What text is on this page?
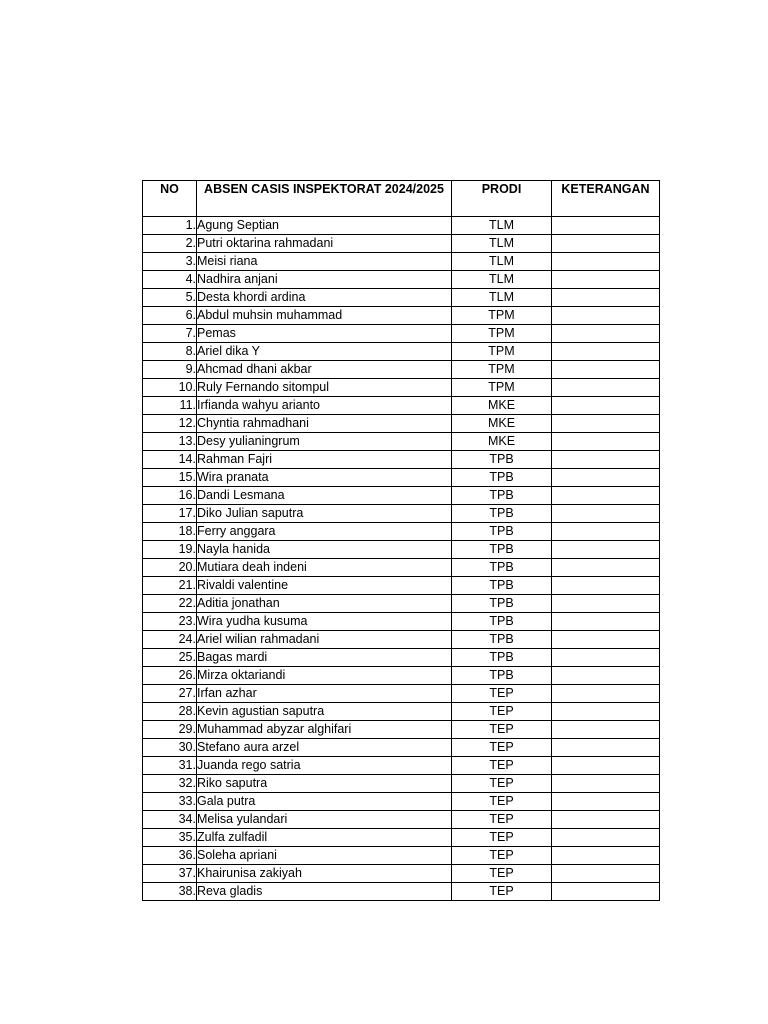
NO	ABSEN CASIS INSPEKTORAT 2024/2025	PRODI	KETERANGAN
1.	Agung Septian	TLM	
2.	Putri oktarina rahmadani	TLM	
3.	Meisi riana	TLM	
4.	Nadhira anjani	TLM	
5.	Desta khordi ardina	TLM	
6.	Abdul muhsin muhammad	TPM	
7.	Pemas	TPM	
8.	Ariel dika Y	TPM	
9.	Ahcmad dhani akbar	TPM	
10.	Ruly Fernando sitompul	TPM	
11.	Irfianda wahyu arianto	MKE	
12.	Chyntia rahmadhani	MKE	
13.	Desy yulianingrum	MKE	
14.	Rahman Fajri	TPB	
15.	Wira pranata	TPB	
16.	Dandi Lesmana	TPB	
17.	Diko Julian saputra	TPB	
18.	Ferry anggara	TPB	
19.	Nayla hanida	TPB	
20.	Mutiara deah indeni	TPB	
21.	Rivaldi valentine	TPB	
22.	Aditia jonathan	TPB	
23.	Wira yudha kusuma	TPB	
24.	Ariel wilian rahmadani	TPB	
25.	Bagas mardi	TPB	
26.	Mirza oktariandi	TPB	
27.	Irfan azhar	TEP	
28.	Kevin agustian saputra	TEP	
29.	Muhammad abyzar alghifari	TEP	
30.	Stefano aura arzel	TEP	
31.	Juanda rego satria	TEP	
32.	Riko saputra	TEP	
33.	Gala putra	TEP	
34.	Melisa yulandari	TEP	
35.	Zulfa zulfadil	TEP	
36.	Soleha apriani	TEP	
37.	Khairunisa zakiyah	TEP	
38.	Reva gladis	TEP	
